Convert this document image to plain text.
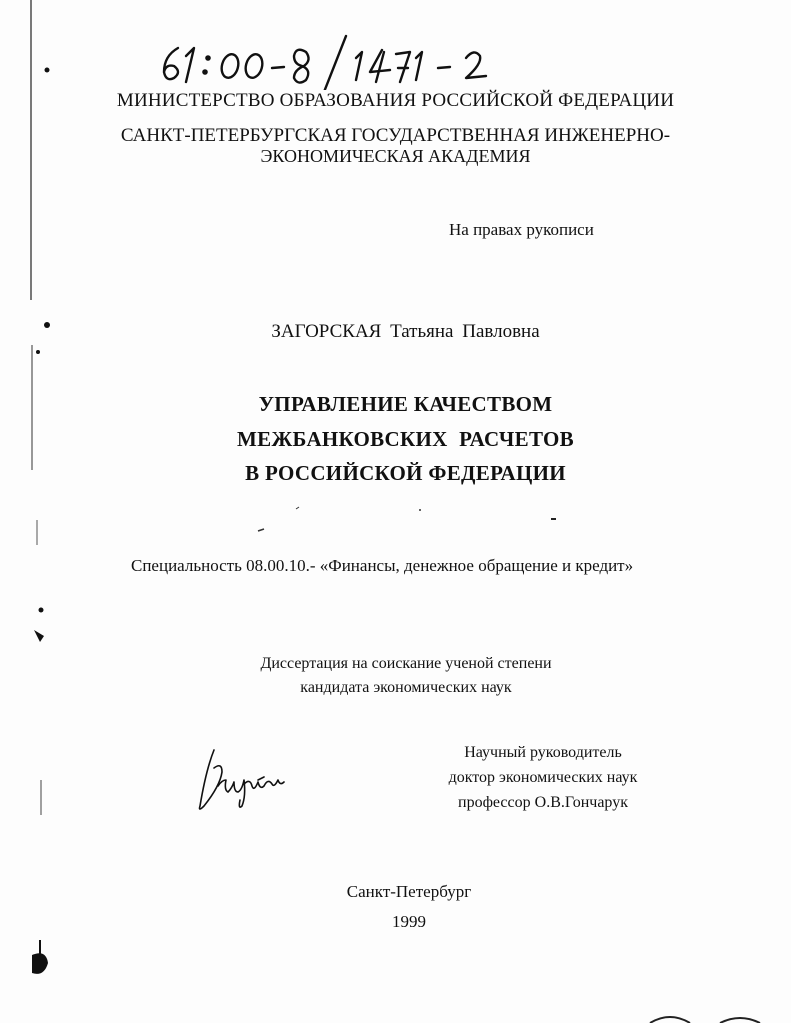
МИНИСТЕРСТВО ОБРАЗОВАНИЯ РОССИЙСКОЙ ФЕДЕРАЦИИ

САНКТ-ПЕТЕРБУРГСКАЯ ГОСУДАРСТВЕННАЯ ИНЖЕНЕРНО-

ЭКОНОМИЧЕСКАЯ АКАДЕМИЯ

На правах рукописи

ЗАГОРСКАЯ Татьяна Павловна

УПРАВЛЕНИЕ КАЧЕСТВОМ

МЕЖБАНКОВСКИХ РАСЧЕТОВ

В РОССИЙСКОЙ ФЕДЕРАЦИИ

Специальность 08.00.10.- «Финансы, денежное обращение и кредит»

Диссертация на соискание ученой степени

кандидата экономических наук

Научный руководитель

доктор экономических наук

профессор О.В.Гончарук

Санкт-Петербург

1999
